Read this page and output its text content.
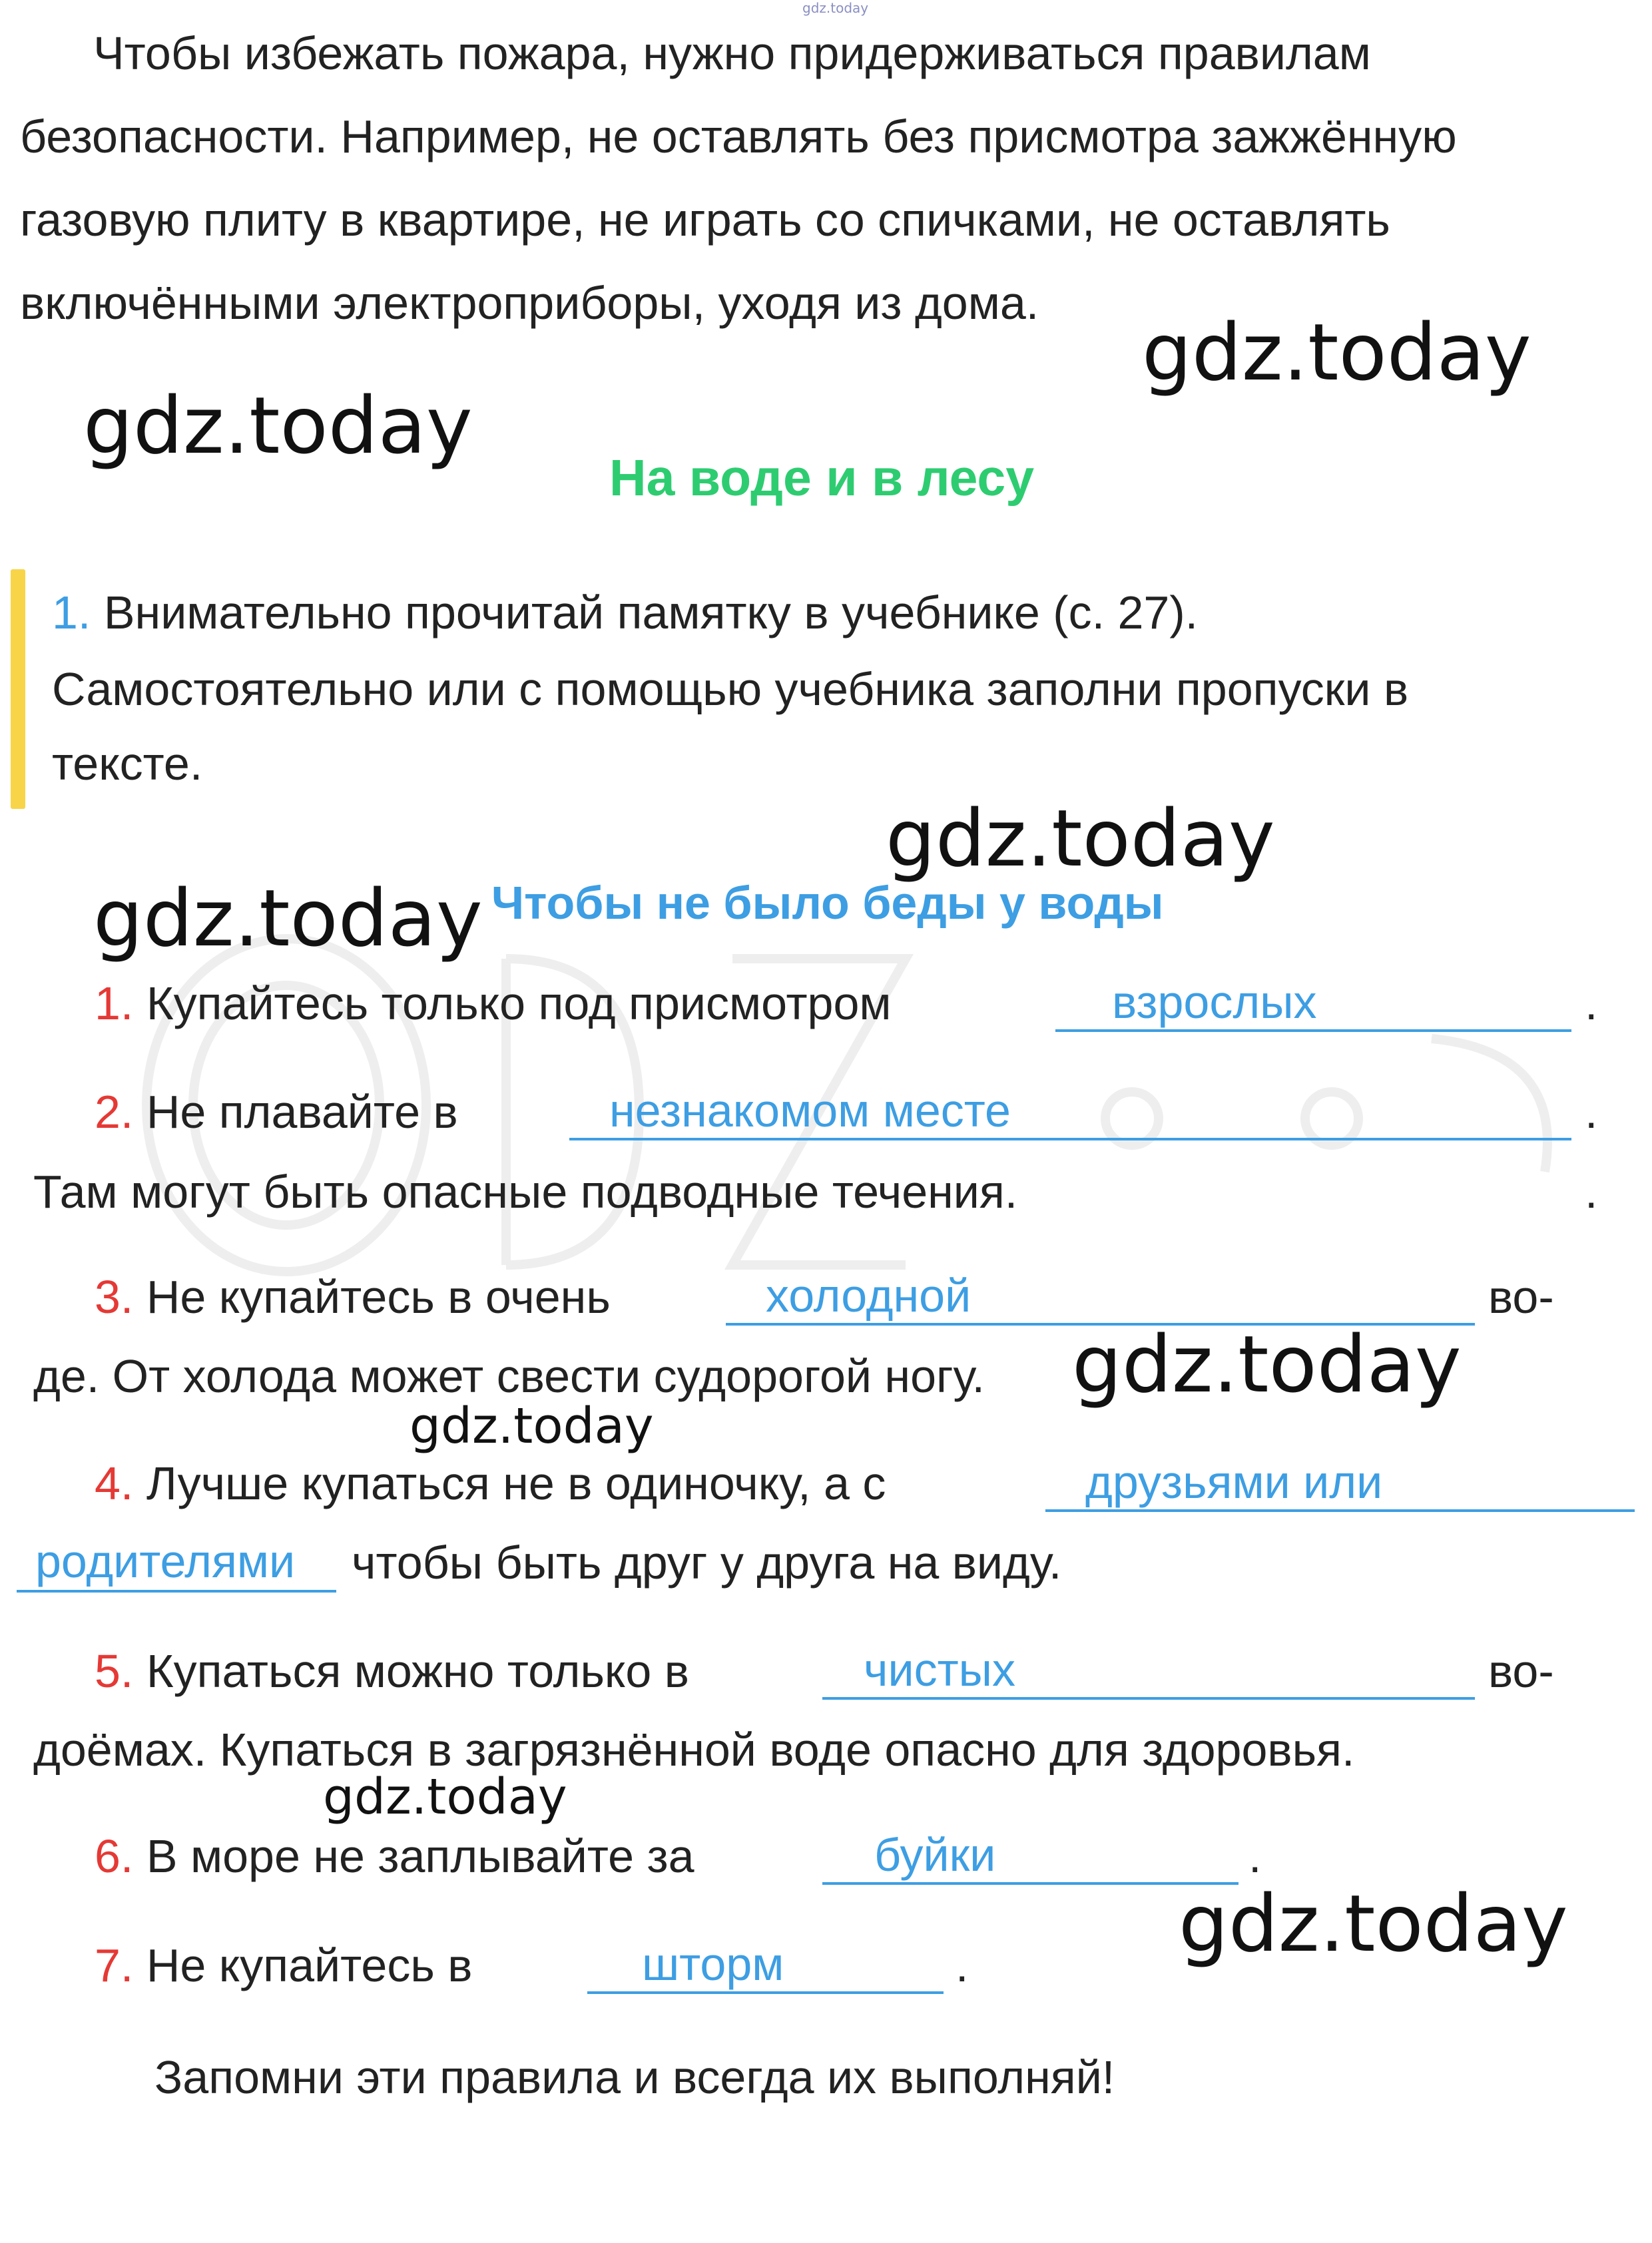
gdz.today
Чтобы избежать пожара, нужно придерживаться правилам
безопасности. Например, не оставлять без присмотра зажжённую
газовую плиту в квартире, не играть со спичками, не оставлять
включёнными электроприборы, уходя из дома.
На воде и в лесу
1. Внимательно прочитай памятку в учебнике (с. 27).
Самостоятельно или с помощью учебника заполни пропуски в
тексте.
Чтобы не было беды у воды
1. Купайтесь только под присмотром	взрослых	.
2. Не плавайте в	незнакомом месте	.
Там могут быть опасные подводные течения.	.
3. Не купайтесь в очень	холодной	во-
де. От холода может свести судорогой ногу.
4. Лучше купаться не в одиночку, а с	друзьями или
родителями чтобы быть друг у друга на виду.
5. Купаться можно только в	чистых	во-
доёмах. Купаться в загрязнённой воде опасно для здоровья.
6. В море не заплывайте за	буйки	.
7. Не купайтесь в	шторм	.
Запомни эти правила и всегда их выполняй!
gdz.today
gdz.today
gdz.today
gdz.today
gdz.today
gdz.today
gdz.today
gdz.today
